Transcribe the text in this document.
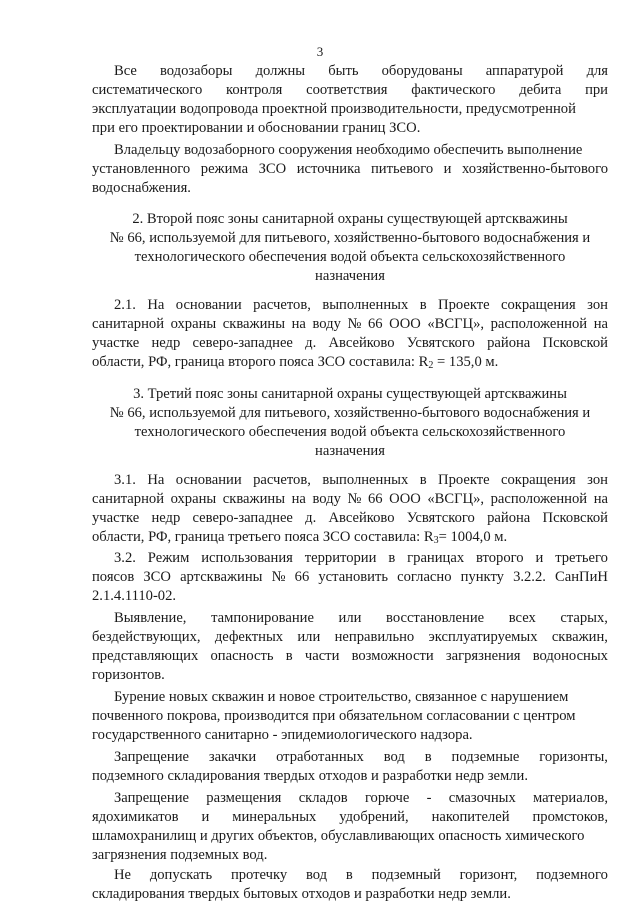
3
Все водозаборы должны быть оборудованы аппаратурой для
систематического контроля соответствия фактического дебита при
эксплуатации водопровода проектной производительности, предусмотренной
при его проектировании и обосновании границ ЗСО.
Владельцу водозаборного сооружения необходимо обеспечить выполнение
установленного режима ЗСО источника питьевого и хозяйственно-бытового
водоснабжения.
2. Второй пояс зоны санитарной охраны существующей артскважины
№ 66, используемой для питьевого, хозяйственно-бытового водоснабжения и
технологического обеспечения водой объекта сельскохозяйственного
назначения
2.1. На основании расчетов, выполненных в Проекте сокращения зон
санитарной охраны скважины на воду № 66 ООО «ВСГЦ», расположенной на
участке недр северо-западнее д. Авсейково Усвятского района Псковской
области, РФ, граница второго пояса ЗСО составила: $R_2 = 135,0$ м.
3. Третий пояс зоны санитарной охраны существующей артскважины
№ 66, используемой для питьевого, хозяйственно-бытового водоснабжения и
технологического обеспечения водой объекта сельскохозяйственного
назначения
3.1. На основании расчетов, выполненных в Проекте сокращения зон
санитарной охраны скважины на воду № 66 ООО «ВСГЦ», расположенной на
участке недр северо-западнее д. Авсейково Усвятского района Псковской
области, РФ, граница третьего пояса ЗСО составила: $R_3= 1004,0$ м.
3.2. Режим использования территории в границах второго и третьего
поясов ЗСО артскважины № 66 установить согласно пункту 3.2.2. СанПиН
2.1.4.1110-02.
Выявление, тампонирование или восстановление всех старых,
бездействующих, дефектных или неправильно эксплуатируемых скважин,
представляющих опасность в части возможности загрязнения водоносных
горизонтов.
Бурение новых скважин и новое строительство, связанное с нарушением
почвенного покрова, производится при обязательном согласовании с центром
государственного санитарно - эпидемиологического надзора.
Запрещение закачки отработанных вод в подземные горизонты,
подземного складирования твердых отходов и разработки недр земли.
Запрещение размещения складов горюче - смазочных материалов,
ядохимикатов и минеральных удобрений, накопителей промстоков,
шламохранилищ и других объектов, обуславливающих опасность химического
загрязнения подземных вод.
Не допускать протечку вод в подземный горизонт, подземного
складирования твердых бытовых отходов и разработки недр земли.
